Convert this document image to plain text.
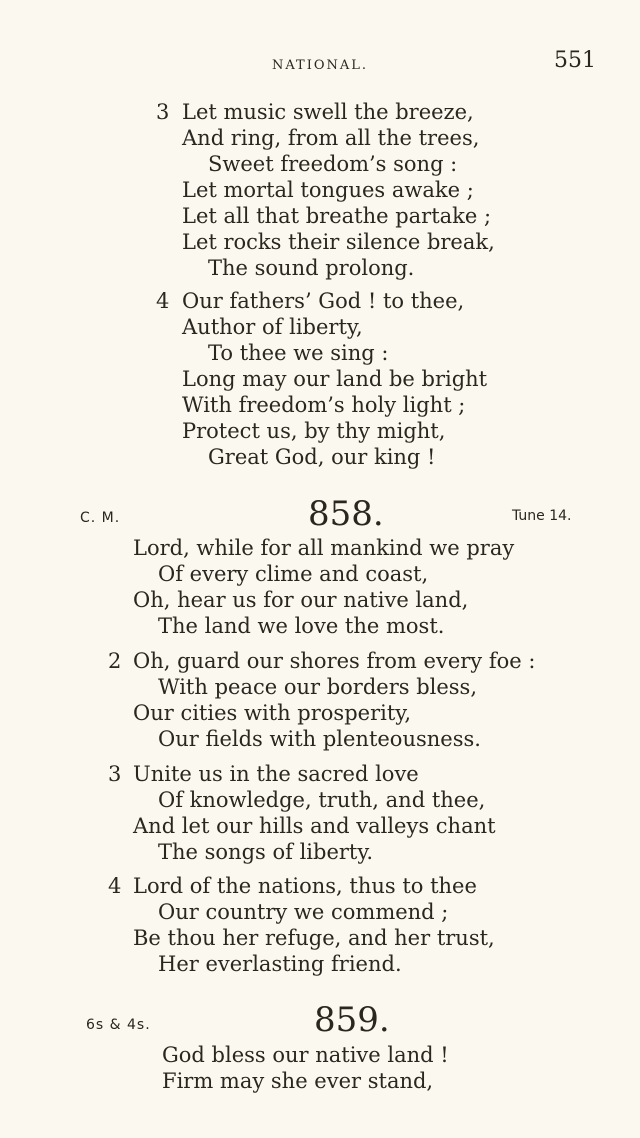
NATIONAL.	551
3 Let music swell the breeze,
And ring, from all the trees,
Sweet freedom’s song :
Let mortal tongues awake ;
Let all that breathe partake ;
Let rocks their silence break,
The sound prolong.
4 Our fathers’ God ! to thee,
Author of liberty,
To thee we sing :
Long may our land be bright
With freedom’s holy light ;
Protect us, by thy might,
Great God, our king !
C. M.	858.	Tune 14.
Lord, while for all mankind we pray
Of every clime and coast,
Oh, hear us for our native land,
The land we love the most.
2 Oh, guard our shores from every foe :
With peace our borders bless,
Our cities with prosperity,
Our fields with plenteousness.
3 Unite us in the sacred love
Of knowledge, truth, and thee,
And let our hills and valleys chant
The songs of liberty.
4 Lord of the nations, thus to thee
Our country we commend ;
Be thou her refuge, and her trust,
Her everlasting friend.
6s & 4s.	859.
God bless our native land !
Firm may she ever stand,
